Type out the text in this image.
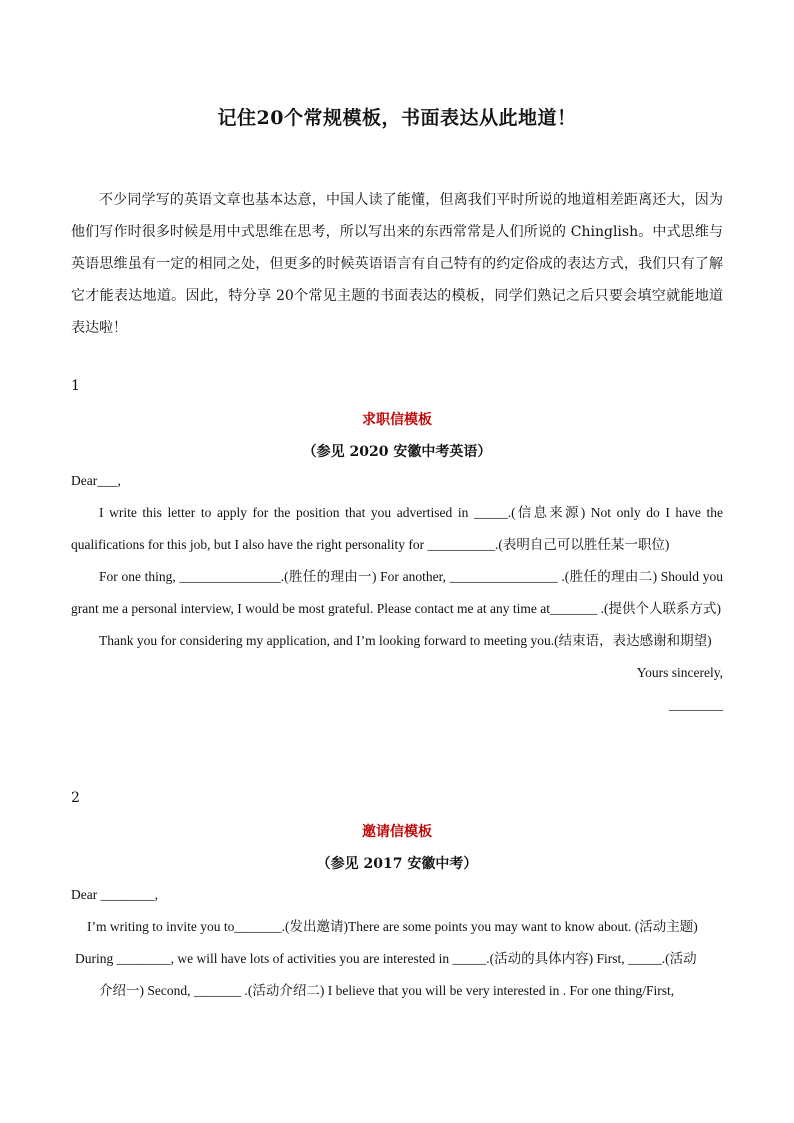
记住20个常规模板，书面表达从此地道！
不少同学写的英语文章也基本达意，中国人读了能懂，但离我们平时所说的地道相差距离还大，因为他们写作时很多时候是用中式思维在思考，所以写出来的东西常常是人们所说的 Chinglish。中式思维与英语思维虽有一定的相同之处，但更多的时候英语语言有自己特有的约定俗成的表达方式，我们只有了解它才能表达地道。因此，特分享 20个常见主题的书面表达的模板，同学们熟记之后只要会填空就能地道表达啦！
1
求职信模板
（参见 2020 安徽中考英语）

Dear___,

I write this letter to apply for the position that you advertised in _____.(信息来源) Not only do I have the qualifications for this job, but I also have the right personality for __________.(表明自己可以胜任某一职位)

For one thing, _______________.(胜任的理由一) For another, ________________ .(胜任的理由二) Should you grant me a personal interview, I would be most grateful. Please contact me at any time at_______ .(提供个人联系方式)

Thank you for considering my application, and I’m looking forward to meeting you.(结束语，表达感谢和期望)

Yours sincerely,

________

2
邀请信模板
（参见 2017 安徽中考）

Dear ________,

I’m writing to invite you to_______.(发出邀请)There are some points you may want to know about. (活动主题)

During ________, we will have lots of activities you are interested in _____.(活动的具体内容) First, _____.(活动

介绍一) Second, _______ .(活动介绍二) I believe that you will be very interested in . For one thing/First,
